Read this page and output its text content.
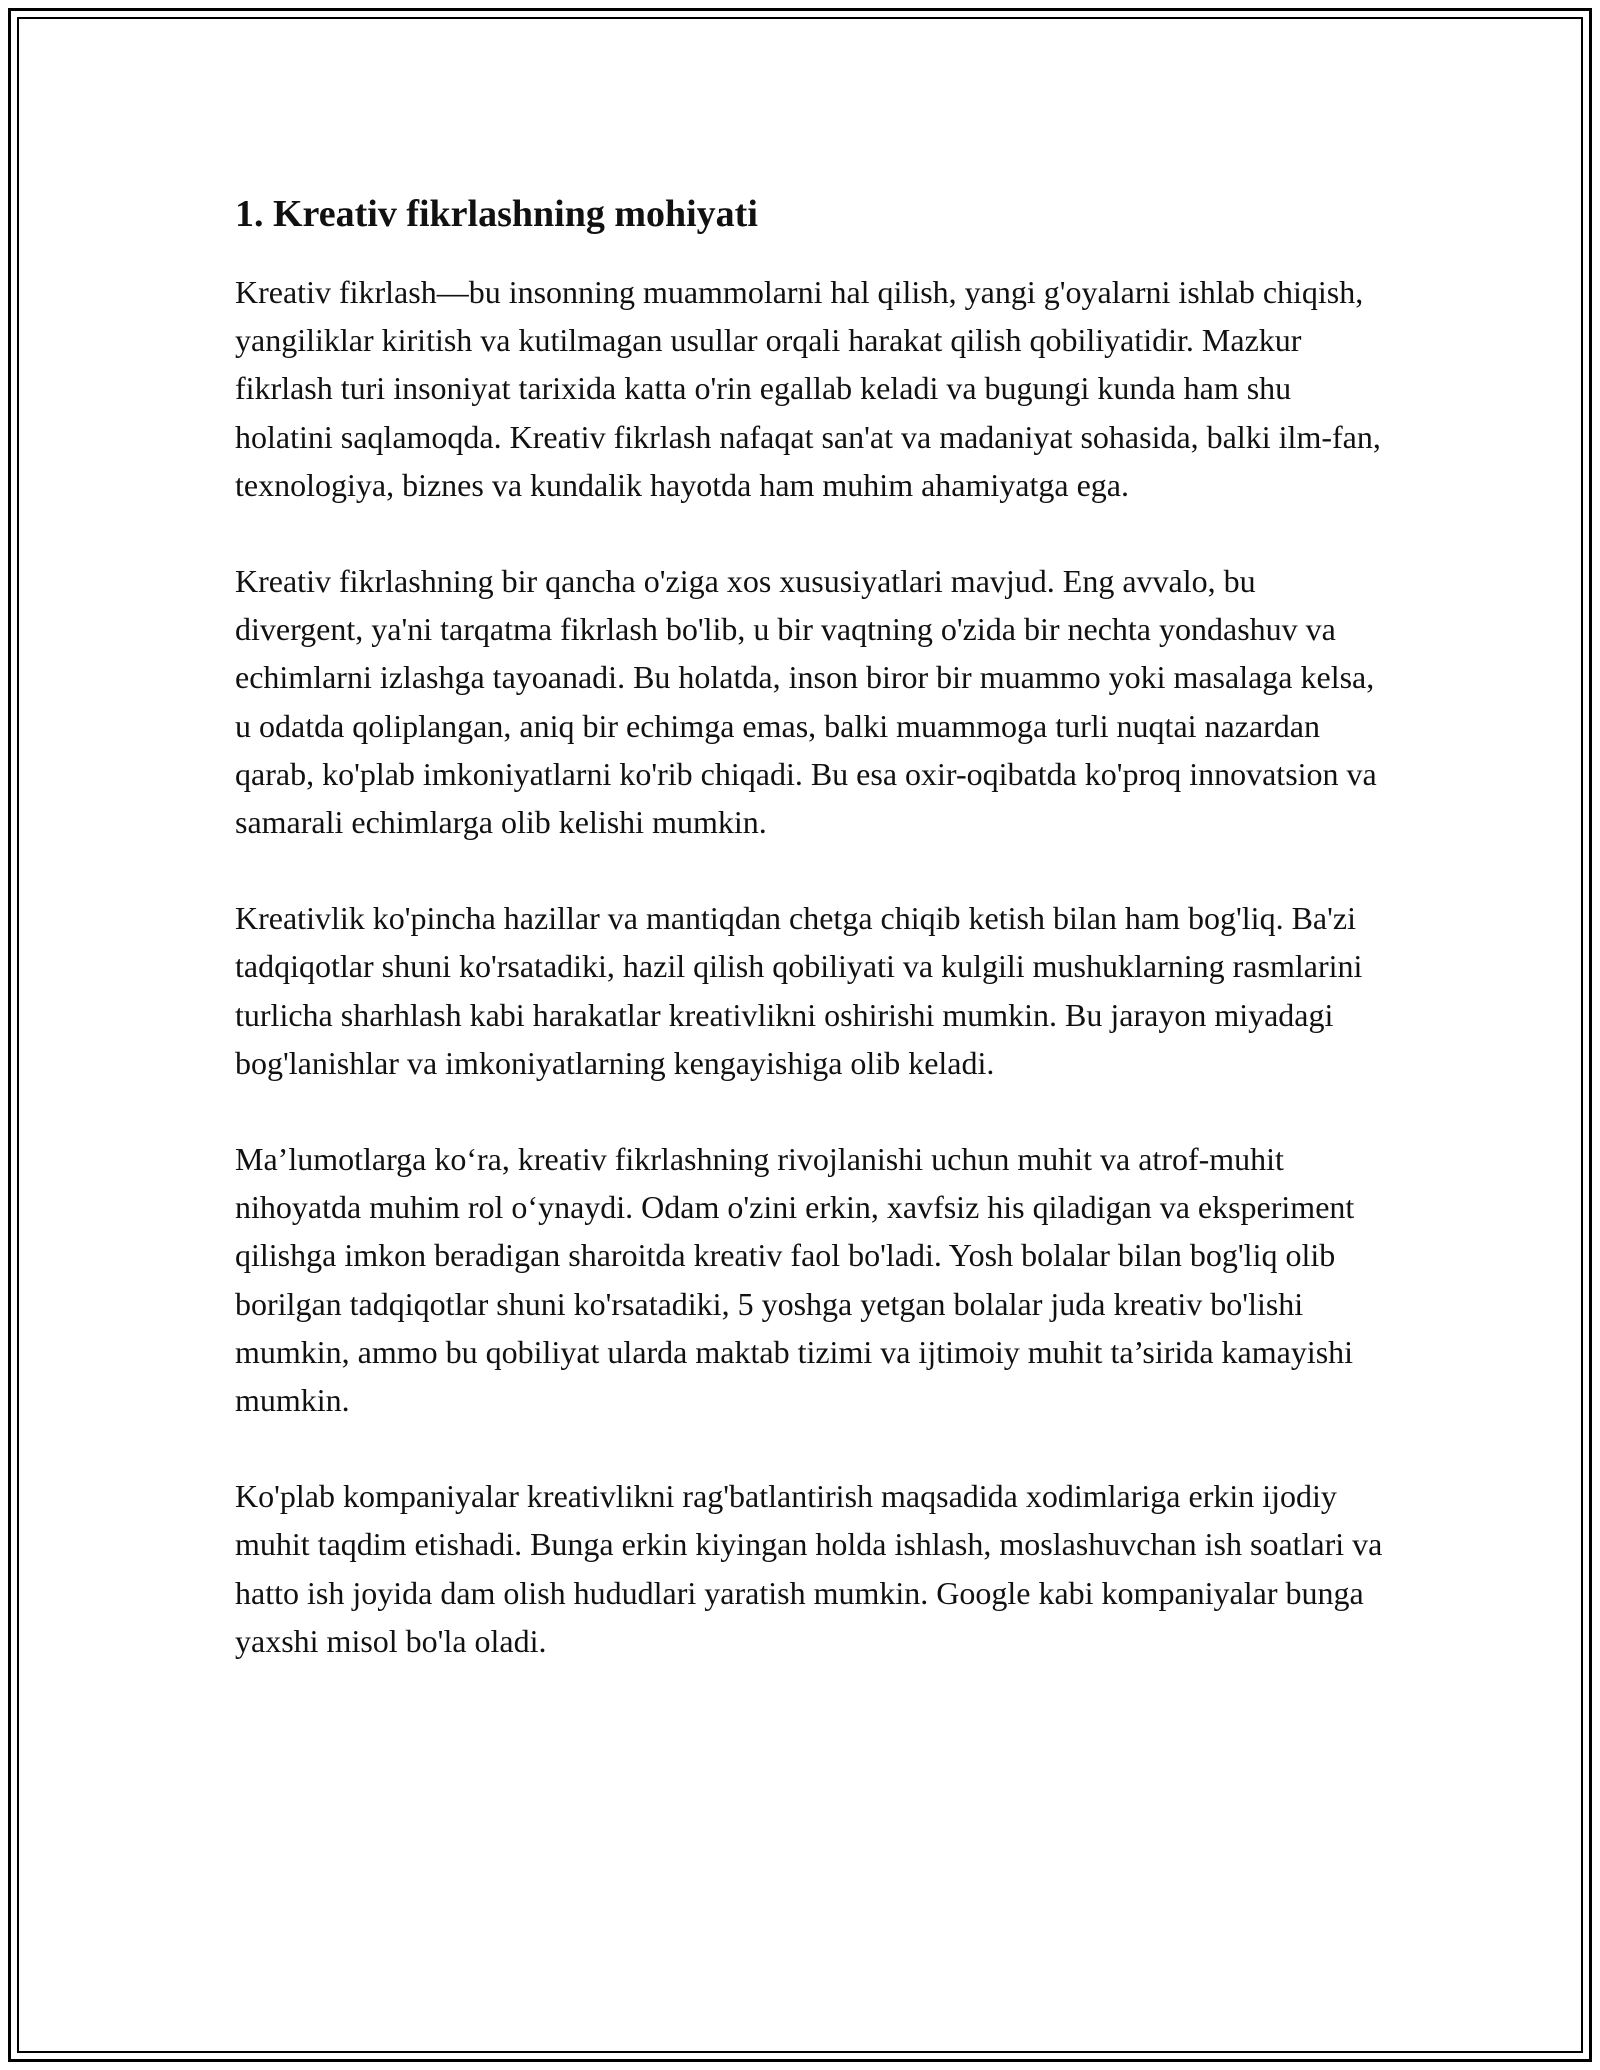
1. Kreativ fikrlashning mohiyati

Kreativ fikrlash—bu insonning muammolarni hal qilish, yangi g'oyalarni ishlab chiqish, yangiliklar kiritish va kutilmagan usullar orqali harakat qilish qobiliyatidir. Mazkur fikrlash turi insoniyat tarixida katta o'rin egallab keladi va bugungi kunda ham shu holatini saqlamoqda. Kreativ fikrlash nafaqat san'at va madaniyat sohasida, balki ilm-fan, texnologiya, biznes va kundalik hayotda ham muhim ahamiyatga ega.

Kreativ fikrlashning bir qancha o'ziga xos xususiyatlari mavjud. Eng avvalo, bu divergent, ya'ni tarqatma fikrlash bo'lib, u bir vaqtning o'zida bir nechta yondashuv va echimlarni izlashga tayoanadi. Bu holatda, inson biror bir muammo yoki masalaga kelsa, u odatda qoliplangan, aniq bir echimga emas, balki muammoga turli nuqtai nazardan qarab, ko'plab imkoniyatlarni ko'rib chiqadi. Bu esa oxir-oqibatda ko'proq innovatsion va samarali echimlarga olib kelishi mumkin.

Kreativlik ko'pincha hazillar va mantiqdan chetga chiqib ketish bilan ham bog'liq. Ba'zi tadqiqotlar shuni ko'rsatadiki, hazil qilish qobiliyati va kulgili mushuklarning rasmlarini turlicha sharhlash kabi harakatlar kreativlikni oshirishi mumkin. Bu jarayon miyadagi bog'lanishlar va imkoniyatlarning kengayishiga olib keladi.

Ma’lumotlarga ko‘ra, kreativ fikrlashning rivojlanishi uchun muhit va atrof-muhit nihoyatda muhim rol o‘ynaydi. Odam o'zini erkin, xavfsiz his qiladigan va eksperiment qilishga imkon beradigan sharoitda kreativ faol bo'ladi. Yosh bolalar bilan bog'liq olib borilgan tadqiqotlar shuni ko'rsatadiki, 5 yoshga yetgan bolalar juda kreativ bo'lishi mumkin, ammo bu qobiliyat ularda maktab tizimi va ijtimoiy muhit ta’sirida kamayishi mumkin.

Ko'plab kompaniyalar kreativlikni rag'batlantirish maqsadida xodimlariga erkin ijodiy muhit taqdim etishadi. Bunga erkin kiyingan holda ishlash, moslashuvchan ish soatlari va hatto ish joyida dam olish hududlari yaratish mumkin. Google kabi kompaniyalar bunga yaxshi misol bo'la oladi.
